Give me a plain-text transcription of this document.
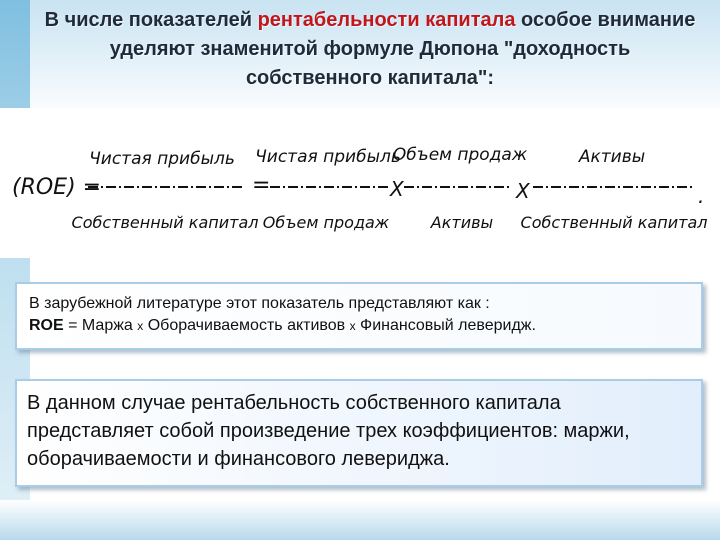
В числе показателей рентабельности капитала особое внимание уделяют знаменитой формуле Дюпона "доходность собственного капитала":
(ROE) =
Чистая прибыль
Собственный капитал
=
Чистая прибыль
Объем продаж
X
Объем продаж
Активы
X
Активы
Собственный капитал
.
В зарубежной литературе этот показатель представляют как :
ROE = Маржа x Оборачиваемость активов x Финансовый леверидж.
В данном случае рентабельность собственного капитала представляет собой произведение трех коэффициентов: маржи, оборачиваемости и финансового левериджа.
